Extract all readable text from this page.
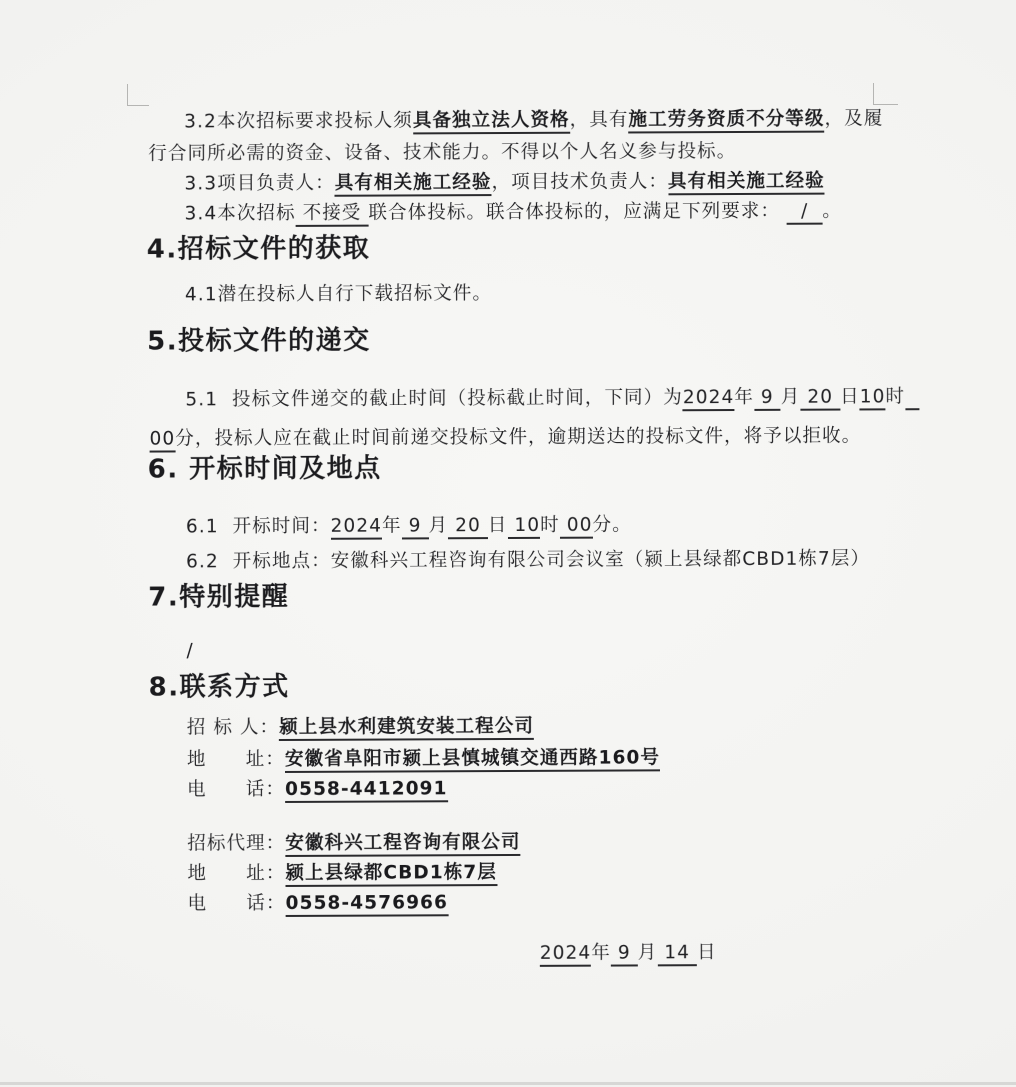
3.2本次招标要求投标人须具备独立法人资格，具有施工劳务资质不分等级，及履
行合同所必需的资金、设备、技术能力。不得以个人名义参与投标。
3.3项目负责人：具有相关施工经验，项目技术负责人：具有相关施工经验
3.4本次招标 不接受 联合体投标。联合体投标的，应满足下列要求：   /  。
4.招标文件的获取
4.1潜在投标人自行下载招标文件。
5.投标文件的递交
5.1  投标文件递交的截止时间（投标截止时间，下同）为2024年 9 月 20 日10时
00分，投标人应在截止时间前递交投标文件，逾期送达的投标文件，将予以拒收。
6. 开标时间及地点
6.1  开标时间：2024年 9 月 20 日 10时 00分。
6.2  开标地点：安徽科兴工程咨询有限公司会议室（颍上县绿都CBD1栋7层）
7.特别提醒
/
8.联系方式
招 标 人：颍上县水利建筑安装工程公司
地　　址：安徽省阜阳市颍上县慎城镇交通西路160号
电　　话：0558-4412091
招标代理：安徽科兴工程咨询有限公司
地　　址：颍上县绿都CBD1栋7层
电　　话：0558-4576966
2024年 9 月 14 日
